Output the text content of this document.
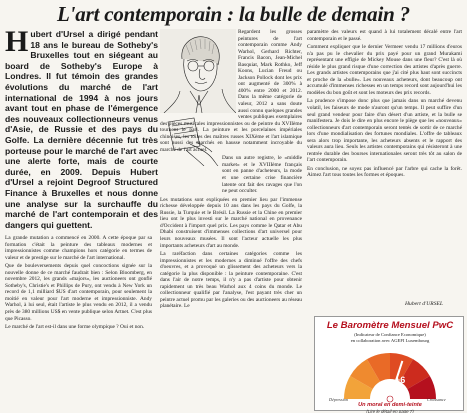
L'art contemporain : la bulle de demain ?
Hubert d'Ursel a dirigé pendant 18 ans le bureau de Sotheby's Bruxelles tout en siégeant au board de Sotheby's Europe à Londres. Il fut témoin des grandes évolutions du marché de l'art international de 1994 à nos jours avant tout en phase de l'émergence des nouveaux collectionneurs venus d'Asie, de Russie et des pays du Golfe. La dernière décennie fut très porteuse pour le marché de l'art avec une alerte forte, mais de courte durée, en 2009. Depuis Hubert d'Ursel a rejoint Degroof Structured Finance à Bruxelles et nous donne une analyse sur la surchauffe du marché de l'art contemporain et des dangers qui guettent.

La grande mutation a commencé en 2000. A cette époque par sa formation c'était la peinture des tableaux modernes et impressionnistes comme champions hors catégorie en termes de valeur et de prestige sur le marché de l'art international.

Que de bouleversements depuis quel concoctions signée sur la nouvelle donne de ce marché faudrait bien : Selon Bloomberg, en novembre 2012, les grands «majors», les auctioneers ont gonflé Sotheby's, Christie's et Phillips de Pury, ont vendu à New York un record de 1,1 milliard $US d'art contemporain, pour seulement la moitié en valeur pour l'art moderne et impressionniste. Andy Warhol, à lui seul, était l'artiste le plus vendu en 2012, il a vendu près de 380 millions US$ en vente publique selon Artnet. C'est plus que Picasso.

Le marché de l'art est-il dans une forme olympique ? Oui et non.

Regardent les grosses peintures de l'art contemporain comme Andy Warhol, Gerhard Richter, Francis Bacon, Jean-Michel Basquiat, Mark Rothko, Jeff Koons, Lucian Freud ou Jackson Pollock dont les prix ont augmenté de 300% à 400% entre 2000 et 2012. Dans la même catégorie de valeur, 2012 a sans doute aussi connu quelques grandes ventes publiques exemplaires des pièces musicales impressionnistes ou de peintre du XVIIème tournent le pari. La peinture et les porcelaines impériales chinoises, les toiles des maîtres russes XIXème et l'art islamique sont aussi des marchés en hausse notamment incroyable du marché de l'art actuel.

Dans un autre registre, le «middle market» et le XVIIIème français sont en panne d'acheteurs, la mode et une certaine crise financière latente ont fait des ravages que l'on ne peut occulter.

Les mutations sont expliquées en premier lieu par l'immense richesse développée depuis 10 ans dans les pays du Golfe, la Russie, la Turquie et le Brésil. La Russie et la Chine en premier lieu ont le plus investi sur le marché national en provenance d'Occident à l'import quel prix. Les pays comme le Qatar et Abu Dhabi construisent d'immenses collections d'art universel pour leurs nouveaux musées. Il sont l'acteur actuelle les plus importants acheteurs d'art au monde.

La raréfaction dans certaines catégories comme les impressionnistes et les modernes a diminué l'offre des chefs d'oeuvres, et a provoqué un glissement des acheteurs vers la catégorie la plus disponible : la peinture contemporaine. C'est dans l'air de notre temps, il n'y a pas d'artiste pour obtenir rapidement un très beau Warhol aux 4 coins du monde. Le collectionneur qualifié par l'analyse, l'est payant très cher un peintre actuel promu par les galeries ou des auctioneers au réseau planétaire. Le

paramètre des valeurs est quand à lui totalement décalé entre l'art contemporain et le passé.

Comment expliquer que le dernier Vermeer vendu 17 millions d'euros n'a pas pu le chevalier du prix payé pour un grand Murakami représentant une effigie de Mickey Mouse dans une fleur? C'est là où réside le plus grand risque d'une correction des artistes d'après guerre. Les grands artistes contemporains que j'ai cité plus haut sont succincts et proche de la «bulle». Les nouveaux acheteurs, dont beaucoup ont accumulé d'immenses richesses en un temps record sont aujourd'hui les modèles du bon goût et sont les moteurs des prix records.

La prudence s'impose donc plus que jamais dans un marché devenu volatil, les faiseurs de mode n'auront qu'un temps. Il peut suffire d'un seul grand vendeur pour faire d'un désert d'un artiste, et la bulle se manifestera. Je dois le dire en plus encore le piège que les «nouveaux» collectionneurs d'art contemporain seront tentés de sortir de ce marché lors d'une mondialisation des fortunes mondiales. L'offre de tableaux sera alors trop importante, les acheteurs absents et le rapport des valeurs aura lieu. Seuls les artistes contemporains qui résisteront à une rentrée durable des bourses internationales seront très tôt au salon de l'art contemporain.

En conclusion, ne soyez pas influencé par l'arbre qui cache la forêt. Aimez l'art tous toutes les formes et époques.

Hubert d'URSEL
Le Baromètre Mensuel PwC
(Indicateur de Confiance Economique)
en collaboration avec AGEFI Luxembourg
+6
Dépression	Croissance
Un moral en demi-teinte
(Lire le détail en page 7)
